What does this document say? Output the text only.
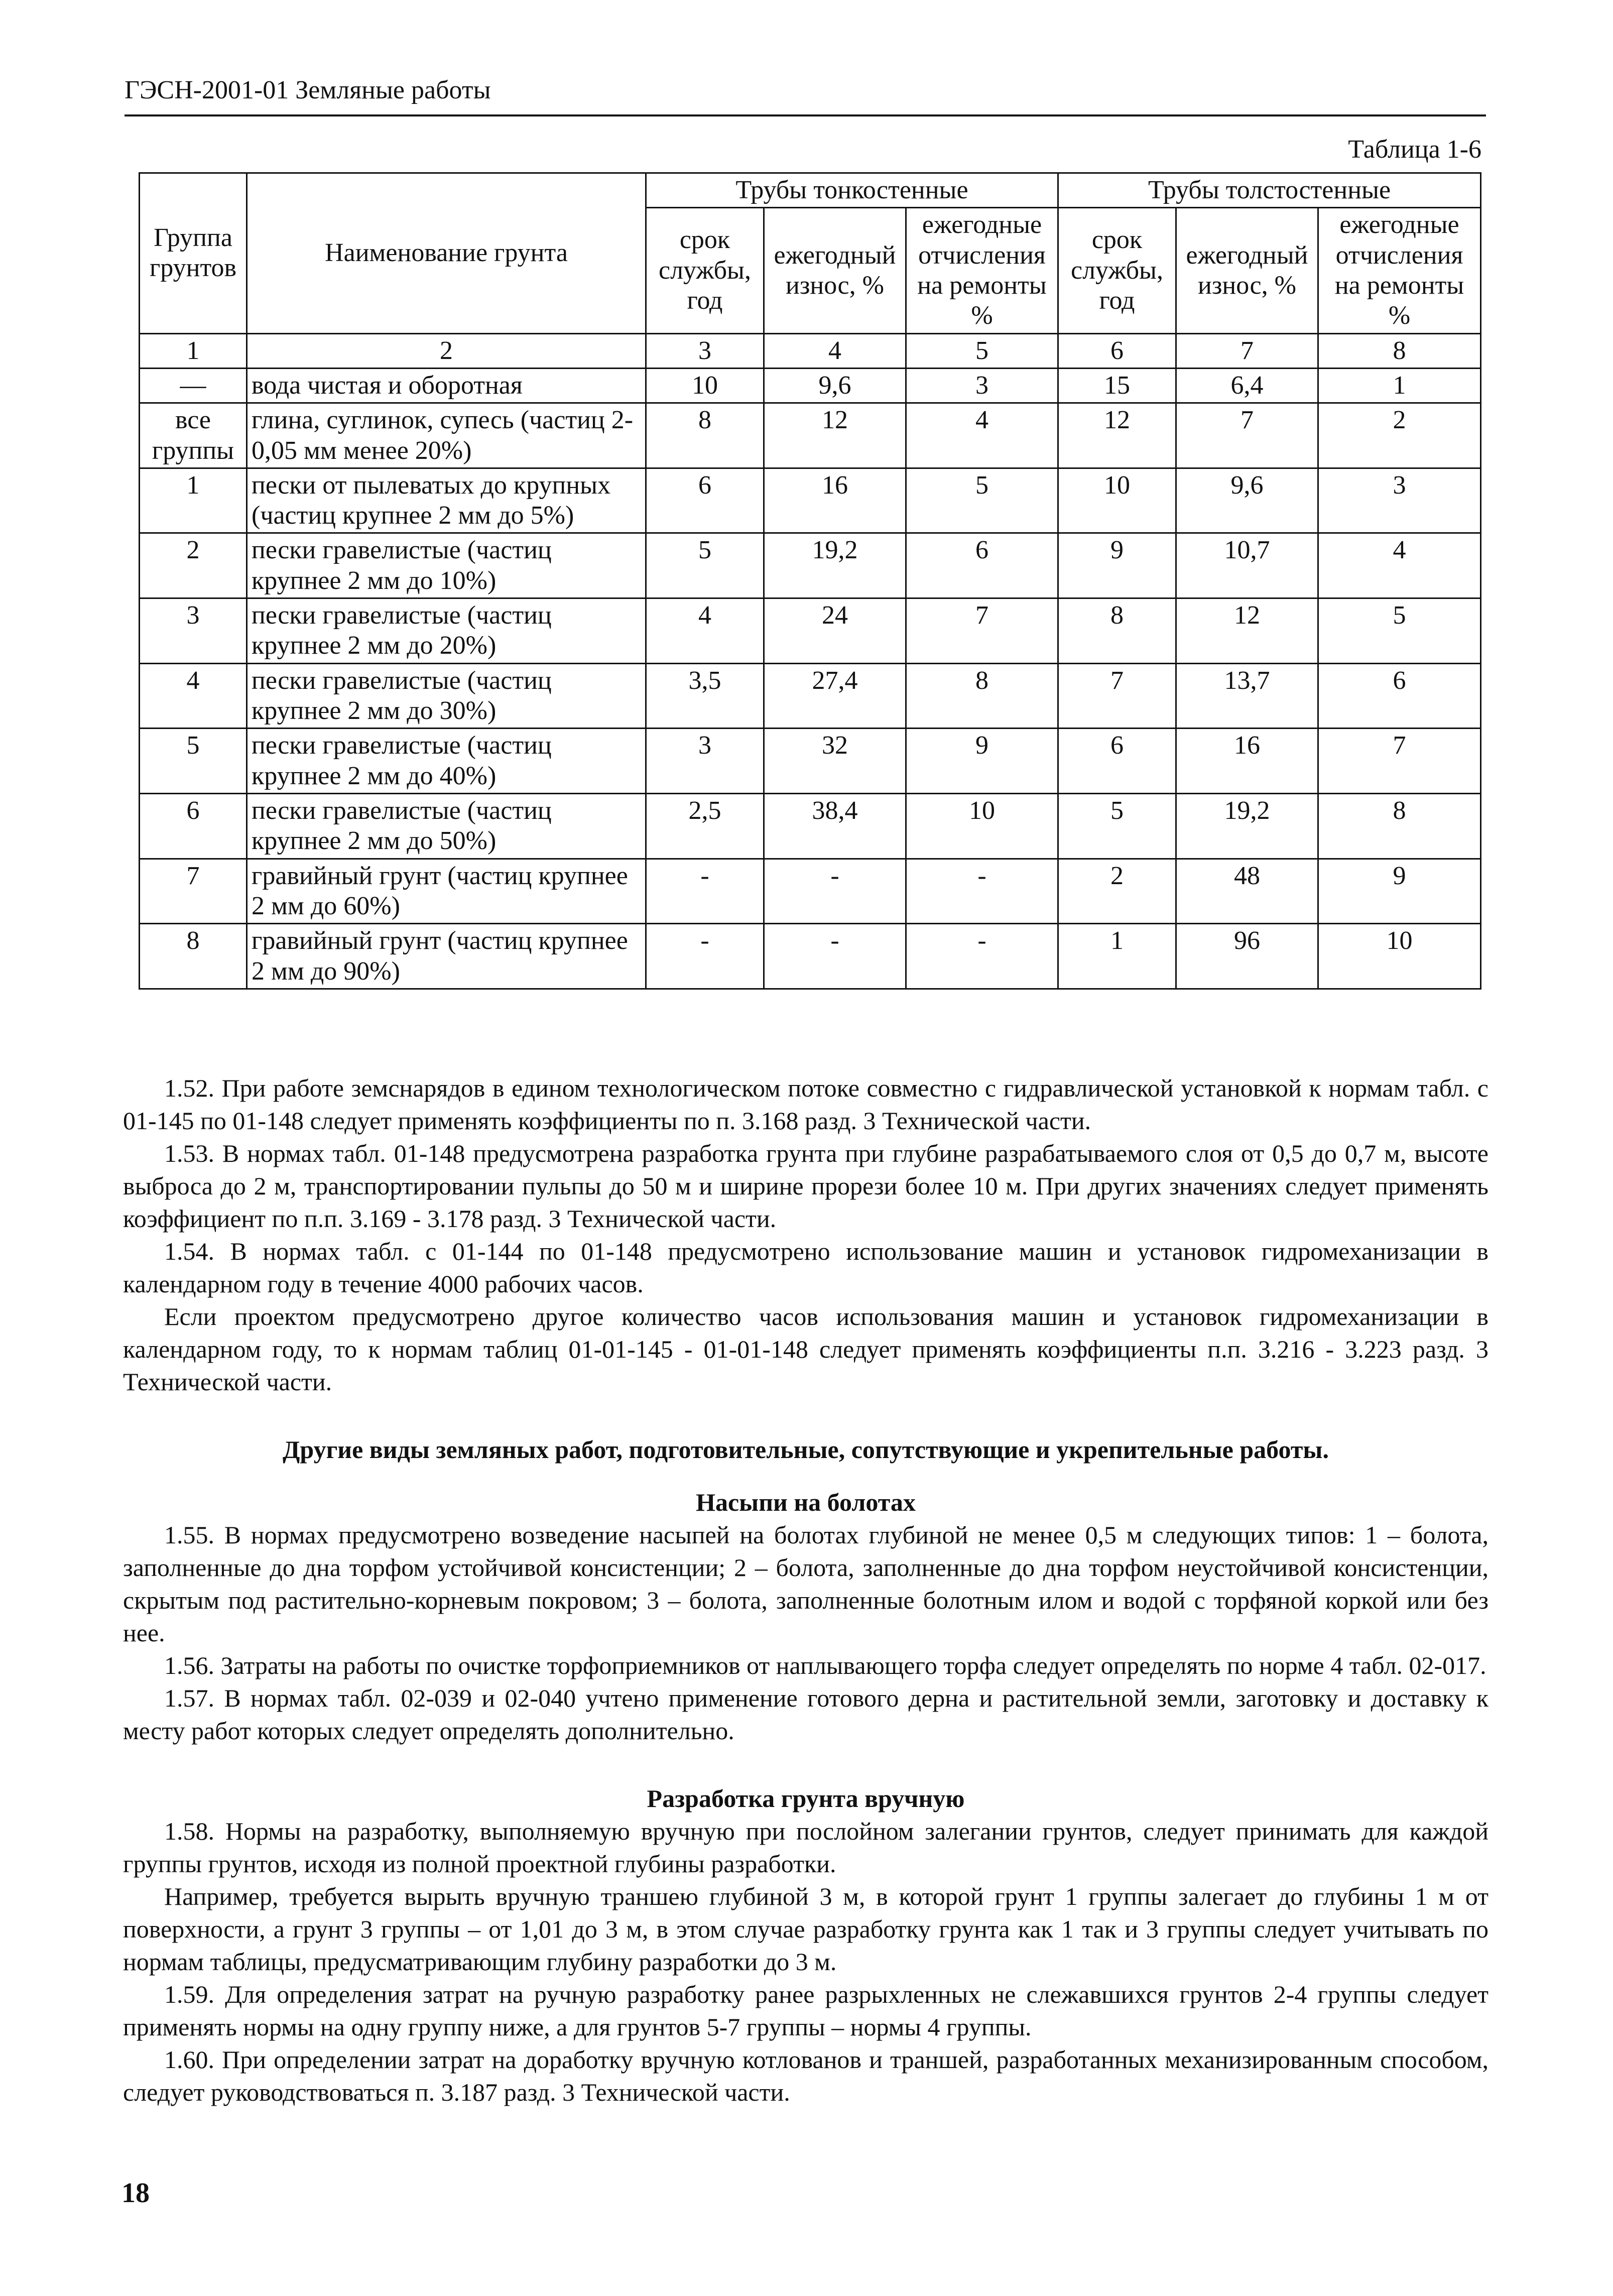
ГЭСН-2001-01 Земляные работы
Таблица 1-6
Группа грунтов	Наименование грунта	Трубы тонкостенные			Трубы толстостенные		
		срок службы, год	ежегодный износ, %	ежегодные отчисления на ремонты %	срок службы, год	ежегодный износ, %	ежегодные отчисления на ремонты %
1	2	3	4	5	6	7	8
—	вода чистая и оборотная	10	9,6	3	15	6,4	1
все группы	глина, суглинок, супесь (частиц 2-0,05 мм менее 20%)	8	12	4	12	7	2
1	пески от пылеватых до крупных (частиц крупнее 2 мм до 5%)	6	16	5	10	9,6	3
2	пески гравелистые (частиц крупнее 2 мм до 10%)	5	19,2	6	9	10,7	4
3	пески гравелистые (частиц крупнее 2 мм до 20%)	4	24	7	8	12	5
4	пески гравелистые (частиц крупнее 2 мм до 30%)	3,5	27,4	8	7	13,7	6
5	пески гравелистые (частиц крупнее 2 мм до 40%)	3	32	9	6	16	7
6	пески гравелистые (частиц крупнее 2 мм до 50%)	2,5	38,4	10	5	19,2	8
7	гравийный грунт (частиц крупнее 2 мм до 60%)	-	-	-	2	48	9
8	гравийный грунт (частиц крупнее 2 мм до 90%)	-	-	-	1	96	10

1.52. При работе земснарядов в едином технологическом потоке совместно с гидравлической установкой к нормам табл. с 01-145 по 01-148 следует применять коэффициенты по п. 3.168 разд. 3 Технической части.

1.53. В нормах табл. 01-148 предусмотрена разработка грунта при глубине разрабатываемого слоя от 0,5 до 0,7 м, высоте выброса до 2 м, транспортировании пульпы до 50 м и ширине прорези более 10 м. При других значениях следует применять коэффициент по п.п. 3.169 - 3.178 разд. 3 Технической части.

1.54. В нормах табл. с 01-144 по 01-148 предусмотрено использование машин и установок гидромеханизации в календарном году в течение 4000 рабочих часов.

Если проектом предусмотрено другое количество часов использования машин и установок гидромеханизации в календарном году, то к нормам таблиц 01-01-145 - 01-01-148 следует применять коэффициенты п.п. 3.216 - 3.223 разд. 3 Технической части.

Другие виды земляных работ, подготовительные, сопутствующие и укрепительные работы.
Насыпи на болотах

1.55. В нормах предусмотрено возведение насыпей на болотах глубиной не менее 0,5 м следующих типов: 1 – болота, заполненные до дна торфом устойчивой консистенции; 2 – болота, заполненные до дна торфом неустойчивой консистенции, скрытым под растительно-корневым покровом; 3 – болота, заполненные болотным илом и водой с торфяной коркой или без нее.

1.56. Затраты на работы по очистке торфоприемников от наплывающего торфа следует определять по норме 4 табл. 02-017.

1.57. В нормах табл. 02-039 и 02-040 учтено применение готового дерна и растительной земли, заготовку и доставку к месту работ которых следует определять дополнительно.

Разработка грунта вручную

1.58. Нормы на разработку, выполняемую вручную при послойном залегании грунтов, следует принимать для каждой группы грунтов, исходя из полной проектной глубины разработки.

Например, требуется вырыть вручную траншею глубиной 3 м, в которой грунт 1 группы залегает до глубины 1 м от поверхности, а грунт 3 группы – от 1,01 до 3 м, в этом случае разработку грунта как 1 так и 3 группы следует учитывать по нормам таблицы, предусматривающим глубину разработки до 3 м.

1.59. Для определения затрат на ручную разработку ранее разрыхленных не слежавшихся грунтов 2-4 группы следует применять нормы на одну группу ниже, а для грунтов 5-7 группы – нормы 4 группы.

1.60. При определении затрат на доработку вручную котлованов и траншей, разработанных механизированным способом, следует руководствоваться п. 3.187 разд. 3 Технической части.

18
